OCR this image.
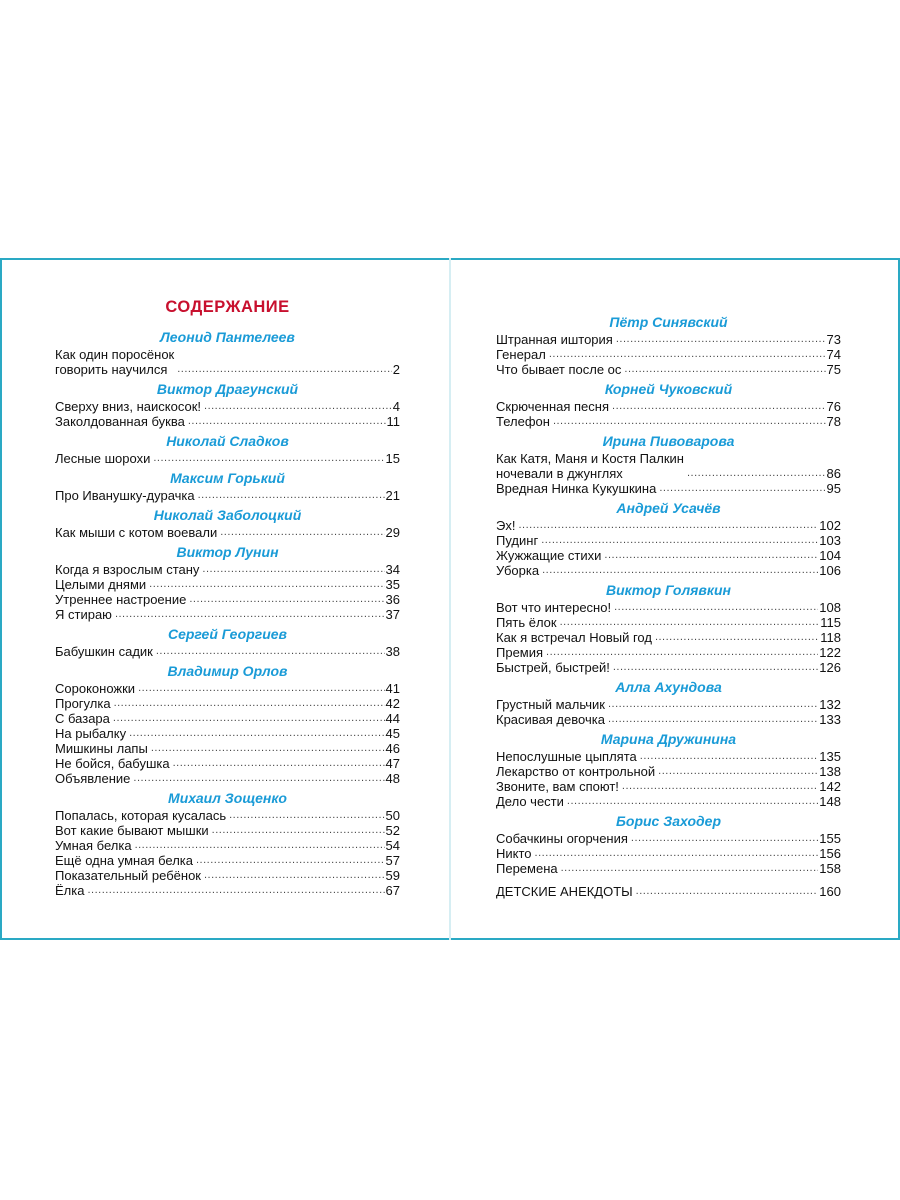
СОДЕРЖАНИЕ
Леонид Пантелеев
Как один поросёнок
говорить научился .....	2
Виктор Драгунский
Сверху вниз, наискосок! .....	4
Заколдованная буква .....	11
Николай Сладков
Лесные шорохи .....	15
Максим Горький
Про Иванушку-дурачка .....	21
Николай Заболоцкий
Как мыши с котом воевали .....	29
Виктор Лунин
Когда я взрослым стану .....	34
Целыми днями .....	35
Утреннее настроение .....	36
Я стираю .....	37
Сергей Георгиев
Бабушкин садик .....	38
Владимир Орлов
Сороконожки .....	41
Прогулка .....	42
С базара .....	44
На рыбалку .....	45
Мишкины лапы .....	46
Не бойся, бабушка .....	47
Объявление .....	48
Михаил Зощенко
Попалась, которая кусалась .....	50
Вот какие бывают мышки .....	52
Умная белка .....	54
Ещё одна умная белка .....	57
Показательный ребёнок .....	59
Ёлка .....	67
Пётр Синявский
Штранная иштория .....	73
Генерал .....	74
Что бывает после ос .....	75
Корней Чуковский
Скрюченная песня .....	76
Телефон .....	78
Ирина Пивоварова
Как Катя, Маня и Костя Палкин
ночевали в джунглях .....	86
Вредная Нинка Кукушкина .....	95
Андрей Усачёв
Эх! .....	102
Пудинг .....	103
Жужжащие стихи .....	104
Уборка .....	106
Виктор Голявкин
Вот что интересно! .....	108
Пять ёлок .....	115
Как я встречал Новый год .....	118
Премия .....	122
Быстрей, быстрей! .....	126
Алла Ахундова
Грустный мальчик .....	132
Красивая девочка .....	133
Марина Дружинина
Непослушные цыплята .....	135
Лекарство от контрольной .....	138
Звоните, вам споют! .....	142
Дело чести .....	148
Борис Заходер
Собачкины огорчения .....	155
Никто .....	156
Перемена .....	158
ДЕТСКИЕ АНЕКДОТЫ .....	160
